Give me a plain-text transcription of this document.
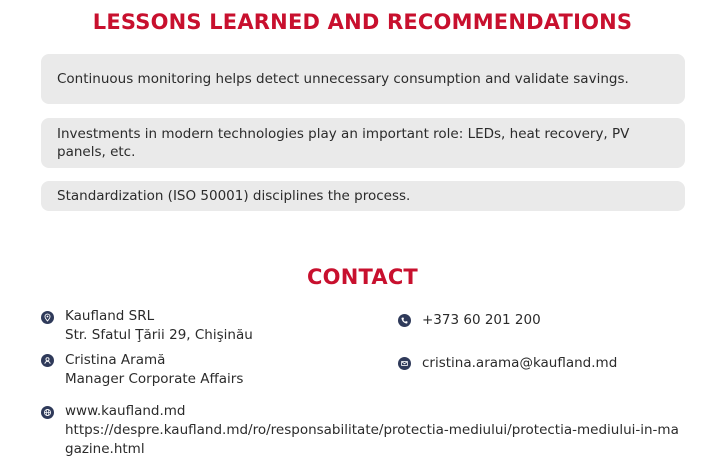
LESSONS LEARNED AND RECOMMENDATIONS
Continuous monitoring helps detect unnecessary consumption and validate savings.
Investments in modern technologies play an important role: LEDs, heat recovery, PV panels, etc.
Standardization (ISO 50001) disciplines the process.
CONTACT
Kaufland SRL
Str. Sfatul Ţării 29, Chişinău
Cristina Aramă
Manager Corporate Affairs
www.kaufland.md
https://despre.kaufland.md/ro/responsabilitate/protectia-mediului/protectia-mediului-in-magazine.html
+373 60 201 200
cristina.arama@kaufland.md
